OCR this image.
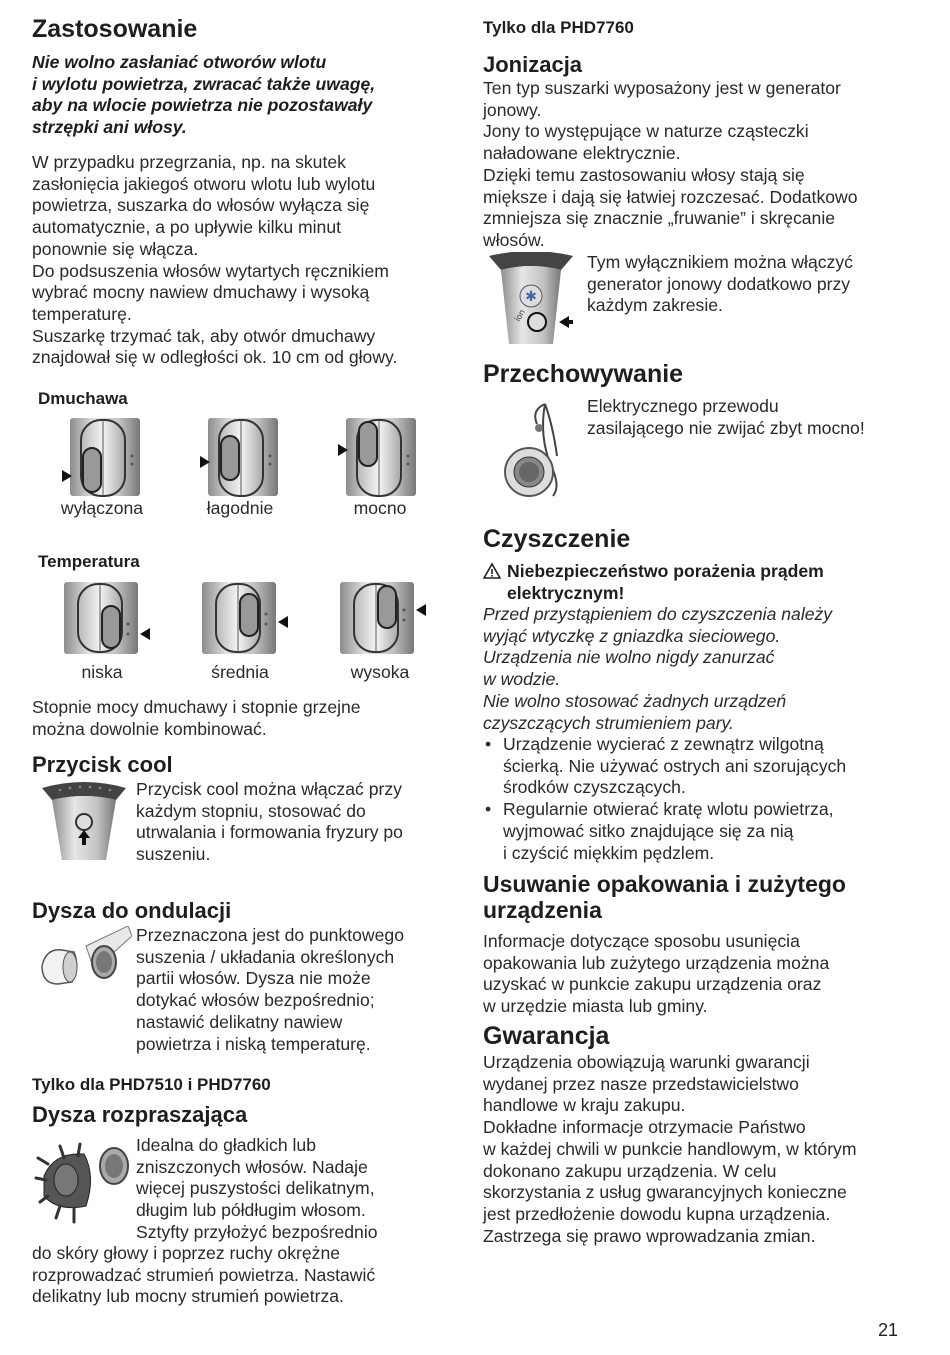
Zastosowanie
Nie wolno zasłaniać otworów wlotu
i wylotu powietrza, zwracać także uwagę,
aby na wlocie powietrza nie pozostawały
strzępki ani włosy.

W przypadku przegrzania, np. na skutek

zasłonięcia jakiegoś otworu wlotu lub wylotu

powietrza, suszarka do włosów wyłącza się

automatycznie, a po upływie kilku minut

ponownie się włącza.

Do podsuszenia włosów wytartych ręcznikiem

wybrać mocny nawiew dmuchawy i wysoką

temperaturę.

Suszarkę trzymać tak, aby otwór dmuchawy

znajdował się w odległości ok. 10 cm od głowy.

Dmuchawa
wyłączona	łagodnie	mocno
Temperatura
niska	średnia	wysoka

Stopnie mocy dmuchawy i stopnie grzejne

można dowolnie kombinować.

Przycisk cool

Przycisk cool można włączać przy

każdym stopniu, stosować do

utrwalania i formowania fryzury po

suszeniu.

Dysza do ondulacji

Przeznaczona jest do punktowego

suszenia / układania określonych

partii włosów. Dysza nie może

dotykać włosów bezpośrednio;

nastawić delikatny nawiew

powietrza i niską temperaturę.

Tylko dla PHD7510 i PHD7760
Dysza rozpraszająca

Idealna do gładkich lub

zniszczonych włosów. Nadaje

więcej puszystości delikatnym,

długim lub półdługim włosom.

Sztyfty przyłożyć bezpośrednio

do skóry głowy i poprzez ruchy okrężne

rozprowadzać strumień powietrza. Nastawić

delikatny lub mocny strumień powietrza.

Tylko dla PHD7760
Jonizacja

Ten typ suszarki wyposażony jest w generator

jonowy.

Jony to występujące w naturze cząsteczki

naładowane elektrycznie.

Dzięki temu zastosowaniu włosy stają się

miększe i dają się łatwiej rozczesać. Dodatkowo

zmniejsza się znacznie „fruwanie” i skręcanie

włosów.

✱
ion

Tym wyłącznikiem można włączyć

generator jonowy dodatkowo przy

każdym zakresie.

Przechowywanie

Elektrycznego przewodu

zasilającego nie zwijać zbyt mocno!

Czyszczenie
Niebezpieczeństwo porażenia prądem
elektrycznym!

Przed przystąpieniem do czyszczenia należy

wyjąć wtyczkę z gniazdka sieciowego.

Urządzenia nie wolno nigdy zanurzać

w wodzie.

Nie wolno stosować żadnych urządzeń

czyszczących strumieniem pary.

• Urządzenie wycierać z zewnątrz wilgotną
ścierką. Nie używać ostrych ani szorujących
środków czyszczących.
• Regularnie otwierać kratę wlotu powietrza,
wyjmować sitko znajdujące się za nią
i czyścić miękkim pędzlem.
Usuwanie opakowania i zużytego
urządzenia

Informacje dotyczące sposobu usunięcia

opakowania lub zużytego urządzenia można

uzyskać w punkcie zakupu urządzenia oraz

w urzędzie miasta lub gminy.

Gwarancja

Urządzenia obowiązują warunki gwarancji

wydanej przez nasze przedstawicielstwo

handlowe w kraju zakupu.

Dokładne informacje otrzymacie Państwo

w każdej chwili w punkcie handlowym, w którym

dokonano zakupu urządzenia. W celu

skorzystania z usług gwarancyjnych konieczne

jest przedłożenie dowodu kupna urządzenia.

Zastrzega się prawo wprowadzania zmian.

21
